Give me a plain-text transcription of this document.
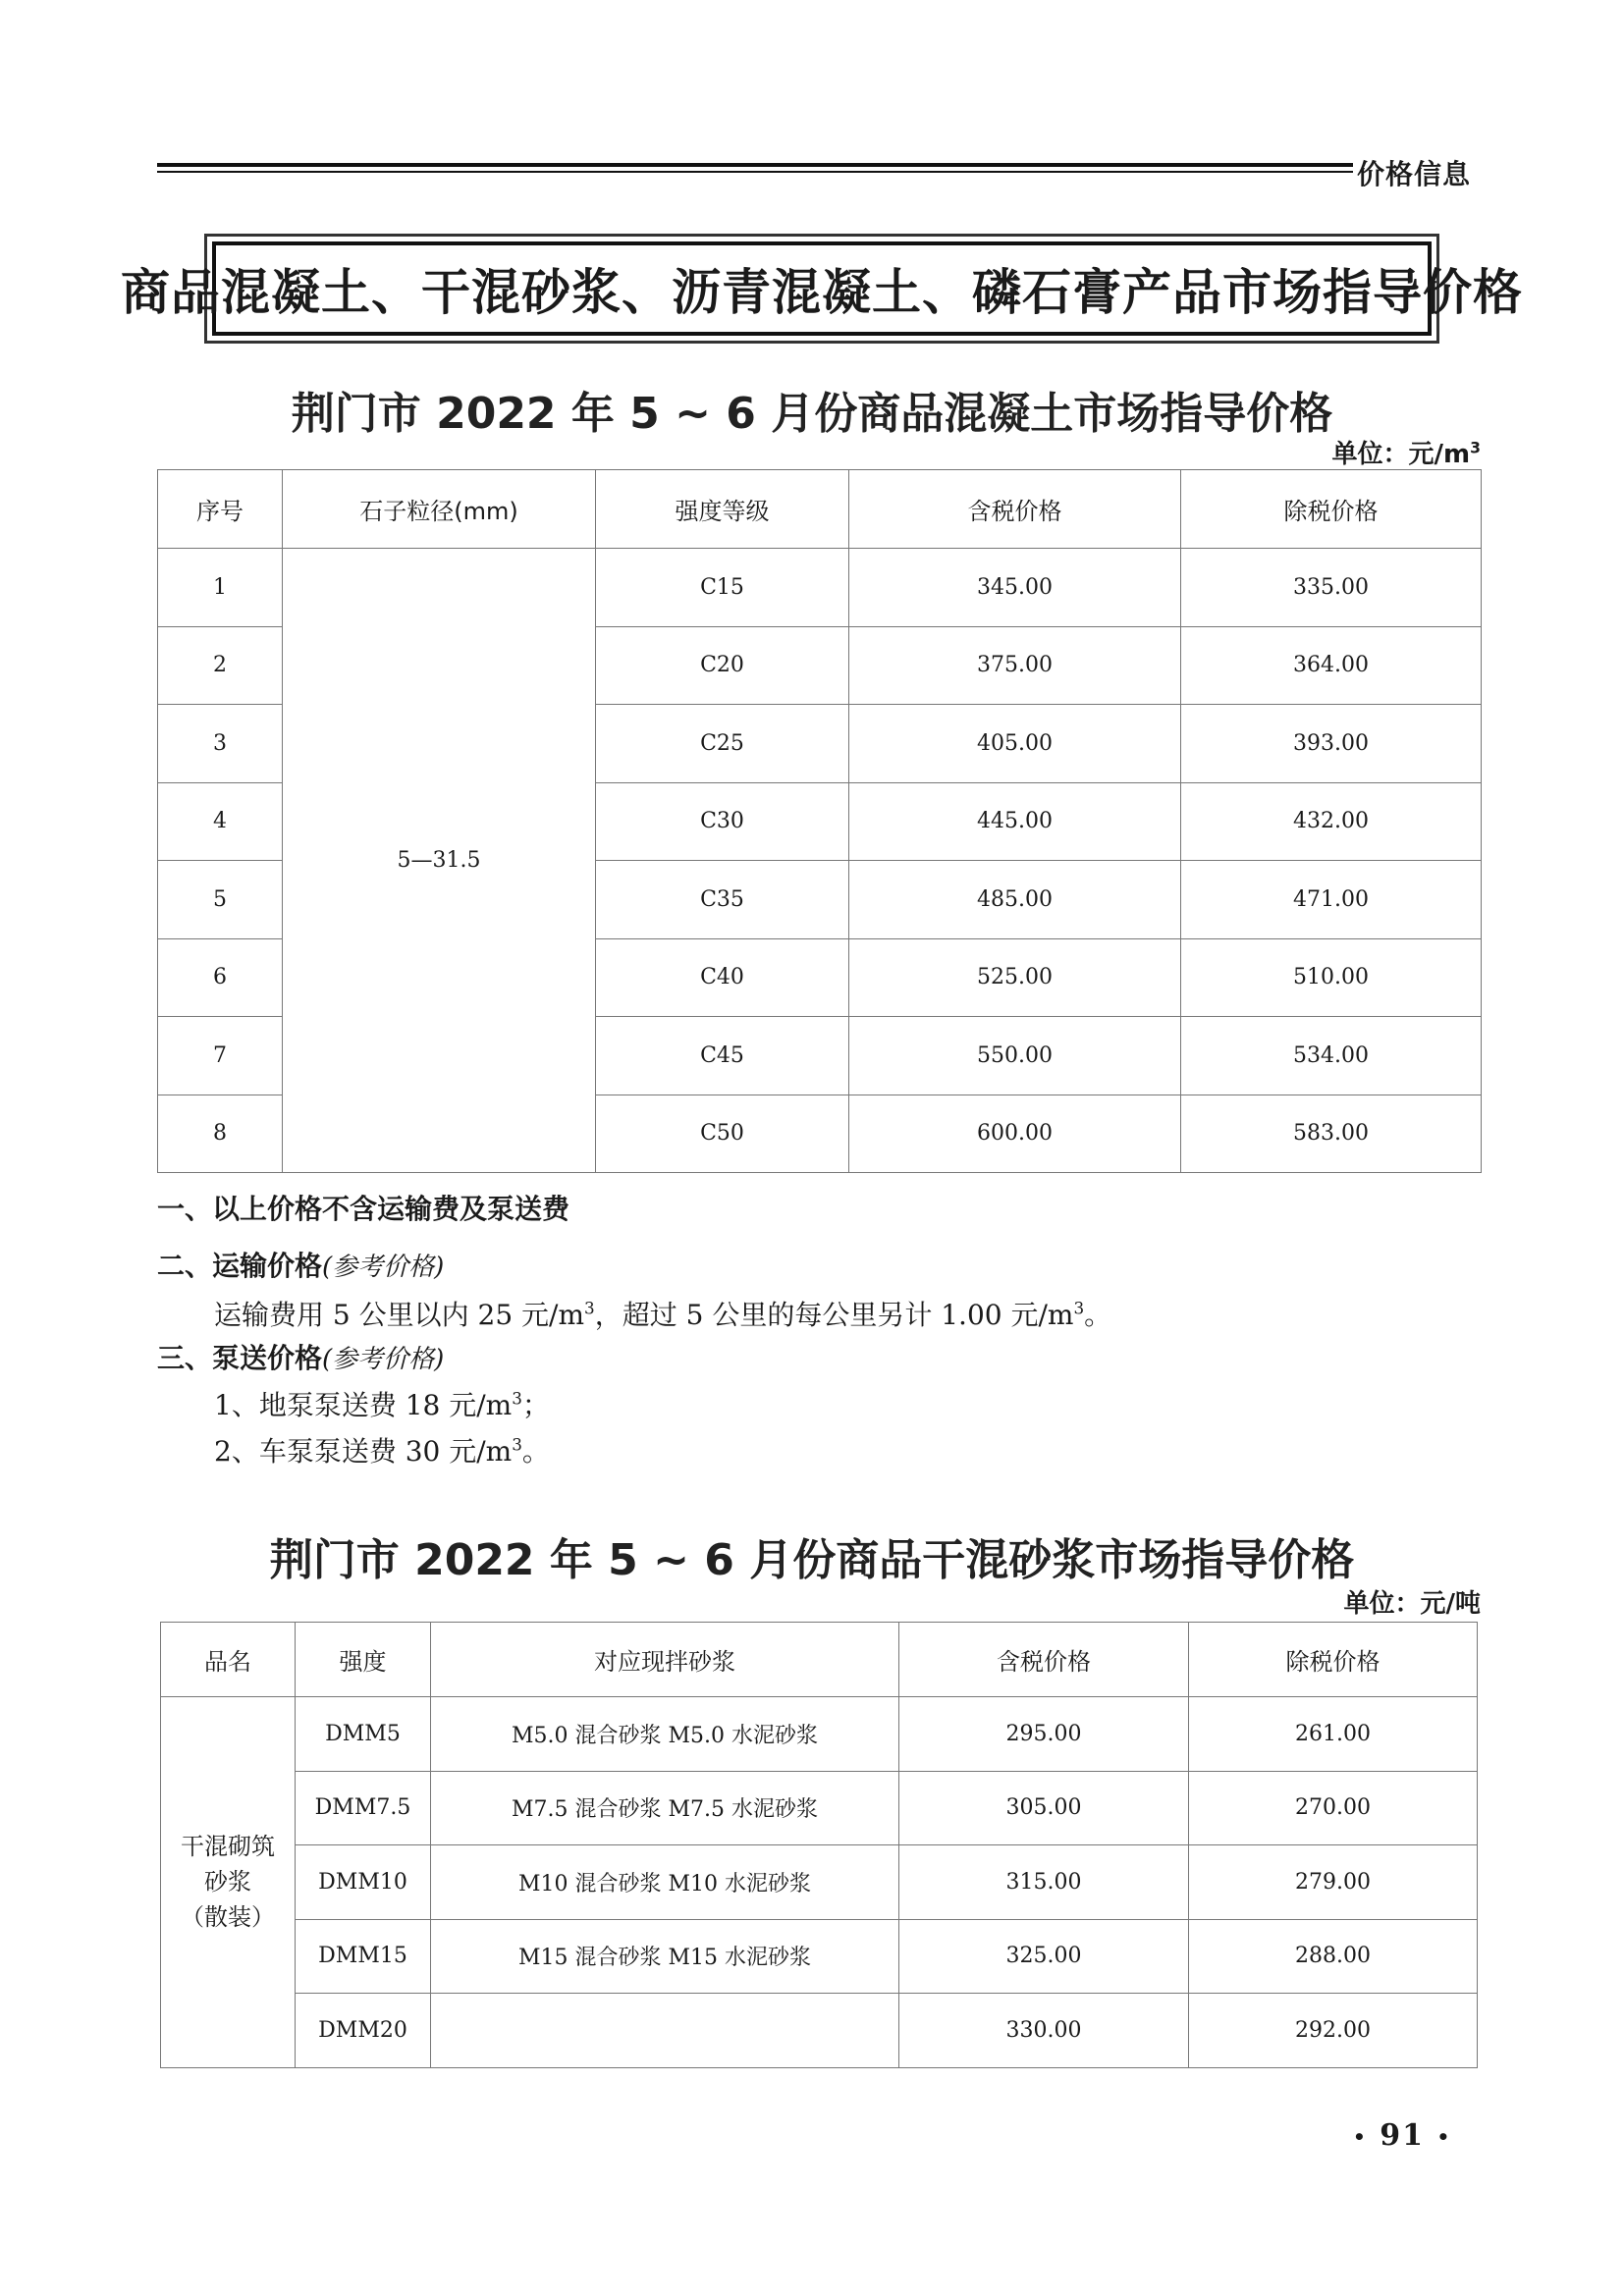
价格信息
商品混凝土、干混砂浆、沥青混凝土、磷石膏产品市场指导价格
荆门市 2022 年 5 ~ 6 月份商品混凝土市场指导价格
单位：元$/m^3$
序号	石子粒径(mm)	强度等级	含税价格	除税价格
1	5—31.5	C15	345.00	335.00
2		C20	375.00	364.00
3		C25	405.00	393.00
4		C30	445.00	432.00
5		C35	485.00	471.00
6		C40	525.00	510.00
7		C45	550.00	534.00
8		C50	600.00	583.00
一、以上价格不含运输费及泵送费
二、运输价格(参考价格)
运输费用 5 公里以内 25 元$/m^3$，超过 5 公里的每公里另计 1.00 元$/m^3$。
三、泵送价格(参考价格)
1、地泵泵送费 18 元$/m^3$；
2、车泵泵送费 30 元$/m^3$。
荆门市 2022 年 5 ~ 6 月份商品干混砂浆市场指导价格
单位：元/吨
品名	强度	对应现拌砂浆	含税价格	除税价格

干混砌筑
砂浆
（散装）	DMM5	M5.0 混合砂浆 M5.0 水泥砂浆	295.00	261.00
	DMM7.5	M7.5 混合砂浆 M7.5 水泥砂浆	305.00	270.00
	DMM10	M10 混合砂浆 M10 水泥砂浆	315.00	279.00
	DMM15	M15 混合砂浆 M15 水泥砂浆	325.00	288.00
	DMM20		330.00	292.00
• 91 •
